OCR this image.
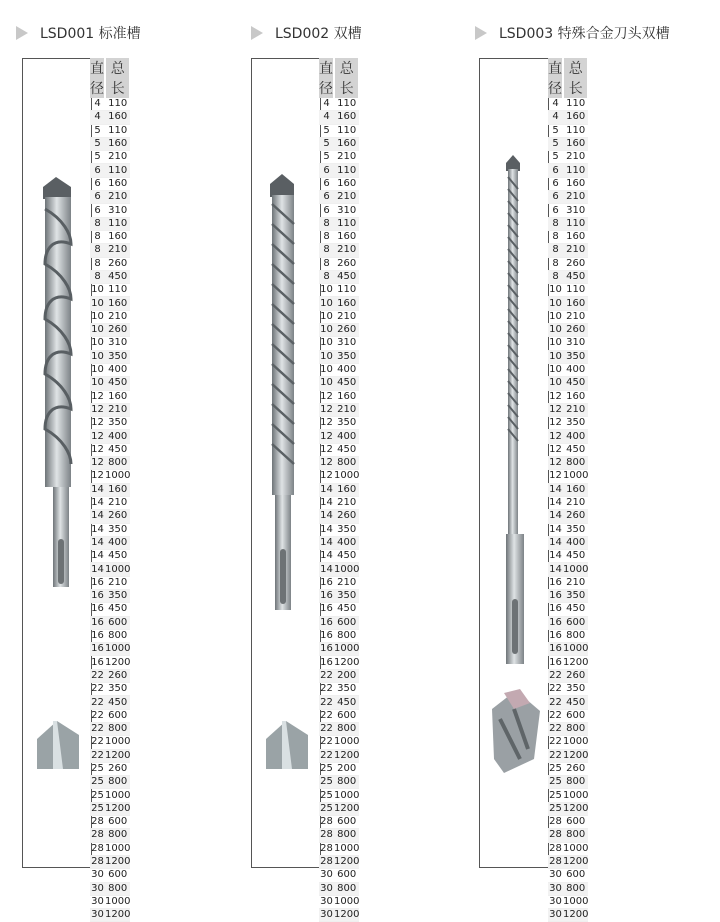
LSD001 标准槽
直径	总长
4	110
4	160
5	110
5	160
5	210
6	110
6	160
6	210
6	310
8	110
8	160
8	210
8	260
8	450
10	110
10	160
10	210
10	260
10	310
10	350
10	400
10	450
12	160
12	210
12	350
12	400
12	450
12	800
12	1000
14	160
14	210
14	260
14	350
14	400
14	450
14	1000
16	210
16	350
16	450
16	600
16	800
16	1000
16	1200
22	260
22	350
22	450
22	600
22	800
22	1000
22	1200
25	260
25	800
25	1000
25	1200
28	600
28	800
28	1000
28	1200
30	600
30	800
30	1000
30	1200
LSD002 双槽
直径	总长
4	110
4	160
5	110
5	160
5	210
6	110
6	160
6	210
6	310
8	110
8	160
8	210
8	260
8	450
10	110
10	160
10	210
10	260
10	310
10	350
10	400
10	450
12	160
12	210
12	350
12	400
12	450
12	800
12	1000
14	160
14	210
14	260
14	350
14	400
14	450
14	1000
16	210
16	350
16	450
16	600
16	800
16	1000
16	1200
22	200
22	350
22	450
22	600
22	800
22	1000
22	1200
25	200
25	800
25	1000
25	1200
28	600
28	800
28	1000
28	1200
30	600
30	800
30	1000
30	1200
LSD003 特殊合金刀头双槽
直径	总长
4	110
4	160
5	110
5	160
5	210
6	110
6	160
6	210
6	310
8	110
8	160
8	210
8	260
8	450
10	110
10	160
10	210
10	260
10	310
10	350
10	400
10	450
12	160
12	210
12	350
12	400
12	450
12	800
12	1000
14	160
14	210
14	260
14	350
14	400
14	450
14	1000
16	210
16	350
16	450
16	600
16	800
16	1000
16	1200
22	260
22	350
22	450
22	600
22	800
22	1000
22	1200
25	260
25	800
25	1000
25	1200
28	600
28	800
28	1000
28	1200
30	600
30	800
30	1000
30	1200
